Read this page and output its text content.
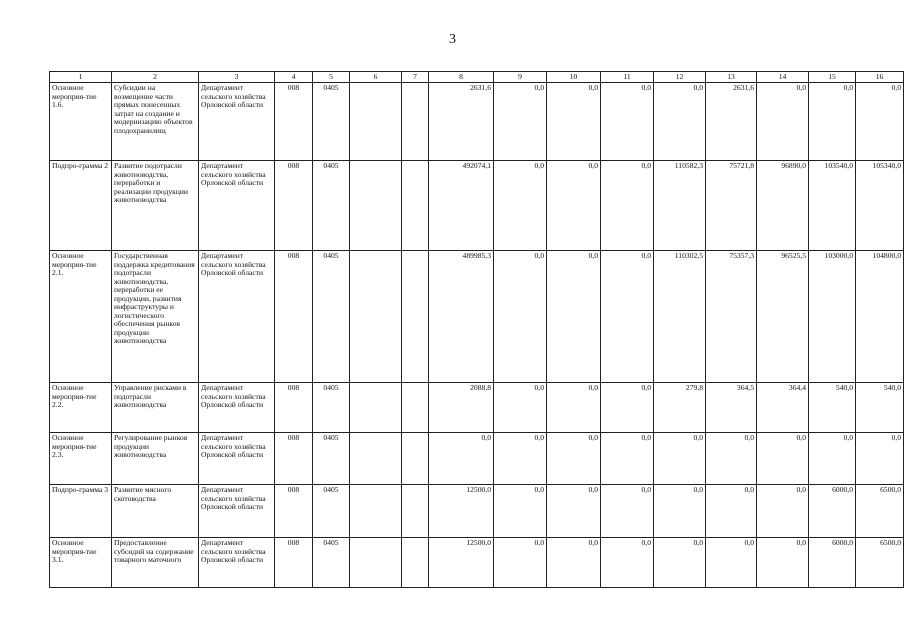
3
1	2	3	4	5	6	7	8	9	10	11	12	13	14	15	16
Основное мероприя-тие 1.6.	Субсидии на возмещение части прямых понесенных затрат на создание и модернизацию объектов плодохранилищ	Департамент сельского хозяйства Орловской области	008	0405			2631,6	0,0	0,0	0,0	0,0	2631,6	0,0	0,0	0,0
Подпро-грамма 2	Развитие подотрасли животноводства, переработки и реализации продукции животноводства	Департамент сельского хозяйства Орловской области	008	0405			492074,1	0,0	0,0	0,0	110582,3	75721,8	96890,0	103540,0	105340,0
Основное мероприя-тие 2.1.	Государственная поддержка кредитования подотрасли животноводства, переработки ее продукции, развития инфраструктуры и логистического обеспечения рынков продукции животноводства	Департамент сельского хозяйства Орловской области	008	0405			489985,3	0,0	0,0	0,0	110302,5	75357,3	96525,5	103000,0	104800,0
Основное мероприя-тие 2.2.	Управление рисками в подотрасли животноводства	Департамент сельского хозяйства Орловской области	008	0405			2088,8	0,0	0,0	0,0	279,8	364,5	364,4	540,0	540,0
Основное мероприя-тие 2.3.	Регулирование рынков продукции животноводства	Департамент сельского хозяйства Орловской области	008	0405			0,0	0,0	0,0	0,0	0,0	0,0	0,0	0,0	0,0
Подпро-грамма 3	Развитие мясного скотоводства	Департамент сельского хозяйства Орловской области	008	0405			12500,0	0,0	0,0	0,0	0,0	0,0	0,0	6000,0	6500,0
Основное мероприя-тие 3.1.	Предоставление субсидий на содержание товарного маточного	Департамент сельского хозяйства Орловской области	008	0405			12500,0	0,0	0,0	0,0	0,0	0,0	0,0	6000,0	6500,0
